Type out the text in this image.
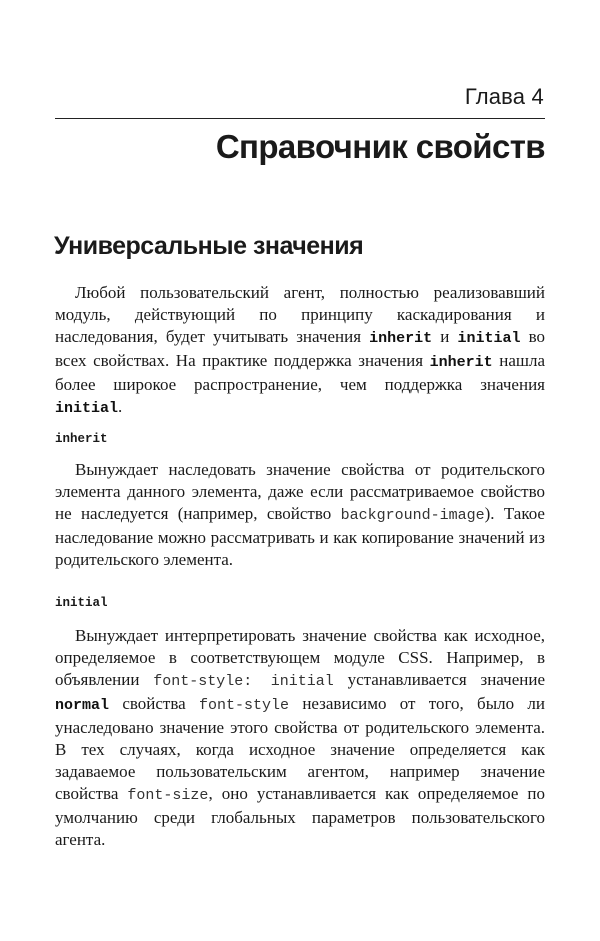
Глава 4
Справочник свойств
Универсальные значения

Любой пользовательский агент, полностью реализовавший модуль, действующий по принципу каскадирования и наследования, будет учитывать значения inherit и initial во всех свойствах. На практике поддержка значения inherit нашла более широкое распространение, чем поддержка значения initial.

inherit

Вынуждает наследовать значение свойства от родительского элемента данного элемента, даже если рассматриваемое свойство не наследуется (например, свойство background-image). Такое наследование можно рассматривать и как копирование значений из родительского элемента.

initial

Вынуждает интерпретировать значение свойства как исходное, определяемое в соответствующем модуле CSS. Например, в объявлении font-style: initial устанавливается значение normal свойства font-style независимо от того, было ли унаследовано значение этого свойства от родительского элемента. В тех случаях, когда исходное значение определяется как задаваемое пользовательским агентом, например значение свойства font-size, оно устанавливается как определяемое по умолчанию среди глобальных параметров пользовательского агента.
